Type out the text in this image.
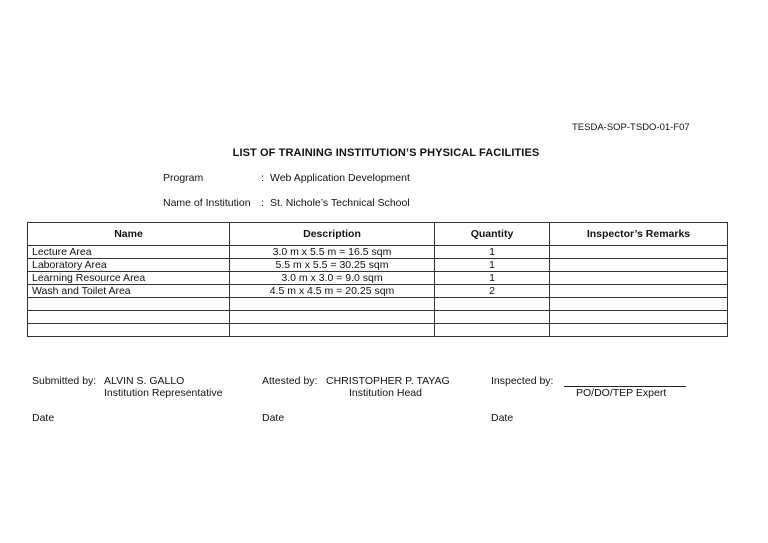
TESDA-SOP-TSDO-01-F07
LIST OF TRAINING INSTITUTION’S PHYSICAL FACILITIES
Program	: Web Application Development
Name of Institution : St. Nichole’s Technical School
Name	Description	Quantity	Inspector’s Remarks
Lecture Area	3.0 m x 5.5 m = 16.5 sqm	1	
Laboratory Area	5.5 m x 5.5 = 30.25 sqm	1	
Learning Resource Area	3.0 m x 3.0 = 9.0 sqm	1	
Wash and Toilet Area	4.5 m x 4.5 m = 20.25 sqm	2	

Submitted by: ALVIN S. GALLO
Institution Representative
Date
Attested by: CHRISTOPHER P. TAYAG
Institution Head
Date
Inspected by:
PO/DO/TEP Expert
Date
